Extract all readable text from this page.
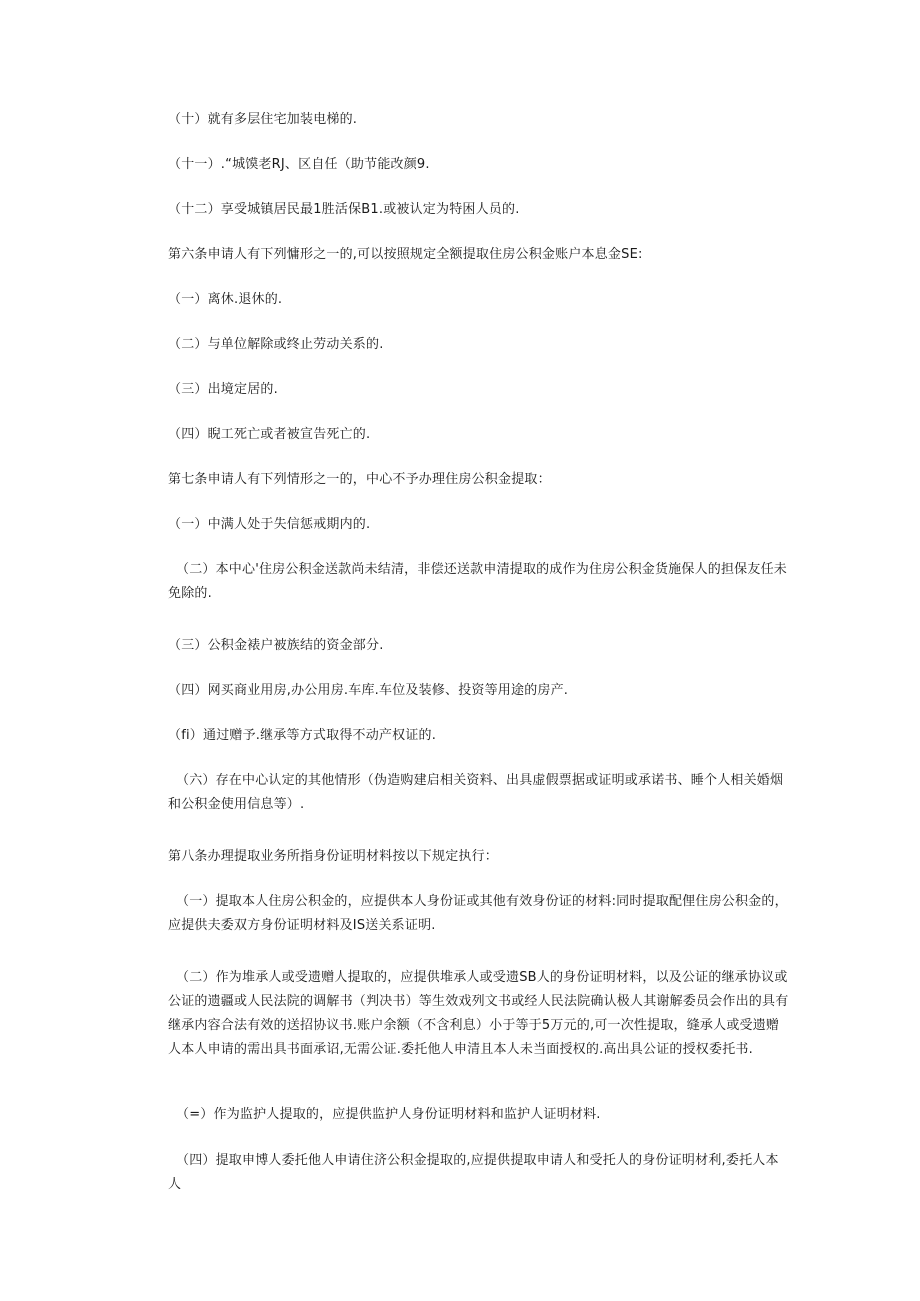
（十）就有多层住宅加装电梯的.

（十一）.“城馍老RJ、区自任（助节能改颜9.

（十二）享受城镇居民最1胜活保B1.或被认定为特困人员的.

第六条申请人有下列慵形之一的,可以按照规定全额提取住房公积金账户本息金SE:

（一）离休.退休的.

（二）与单位解除或终止劳动关系的.

（三）出境定居的.

（四）睨工死亡或者被宣告死亡的.

第七条申请人有下列情形之一的，中心不予办理住房公积金提取：

（一）中满人处于失信惩戒期内的.

（二）本中心'住房公积金送款尚未结清，非偿还送款申清提取的成作为住房公积金货施保人的担保友任未免除的.

（三）公积金裱户被族结的资金部分.

（四）网买商业用房,办公用房.车库.车位及装修、投资等用途的房产.

（fi）通过赠予.继承等方式取得不动产权证的.

（六）存在中心认定的其他情形（伪造购建启相关资料、出具虚假票据或证明或承诺书、睡个人相关婚烟和公积金使用信息等）.

第八条办理提取业务所指身份证明材料按以下规定执行：

（一）提取本人住房公积金的，应提供本人身份证或其他有效身份证的材料:同时提取配俚住房公积金的，应提供夫委双方身份证明材料及IS送关系证明.

（二）作为堆承人或受遗赠人提取的，应提供堆承人或受遗SB人的身份证明材料，以及公证的继承协议或公证的遗疆或人民法院的调解书（判决书）等生效戏列文书或经人民法院确认极人其谢解委员会作出的具有继承内容合法有效的送招协议书.账户余额（不含利息）小于等于5万元的,可一次性提取，缝承人或受遗赠人本人申请的需出具书面承诏,无需公证.委托他人申清且本人未当面授权的.高出具公证的授权委托书.

（=）作为监护人提取的，应提供监护人身份证明材料和监护人证明材料.

（四）提取申博人委托他人申请住济公积金提取的,应提供提取申请人和受托人的身份证明材利,委托人本人
